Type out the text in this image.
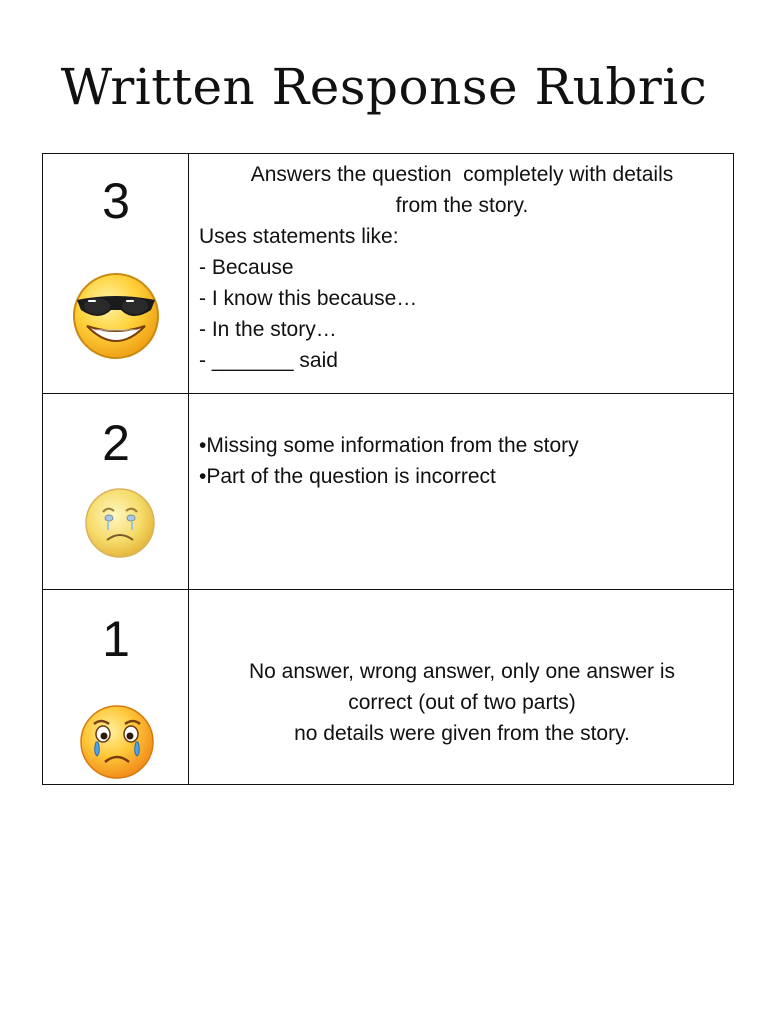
Written Response Rubric
3	Answers the question  completely with details
from the story.
Uses statements like:
- Because
- I know this because…
- In the story…
- _______ said
2	•Missing some information from the story
•Part of the question is incorrect
1
No answer, wrong answer, only one answer is
correct (out of two parts)
no details were given from the story.
